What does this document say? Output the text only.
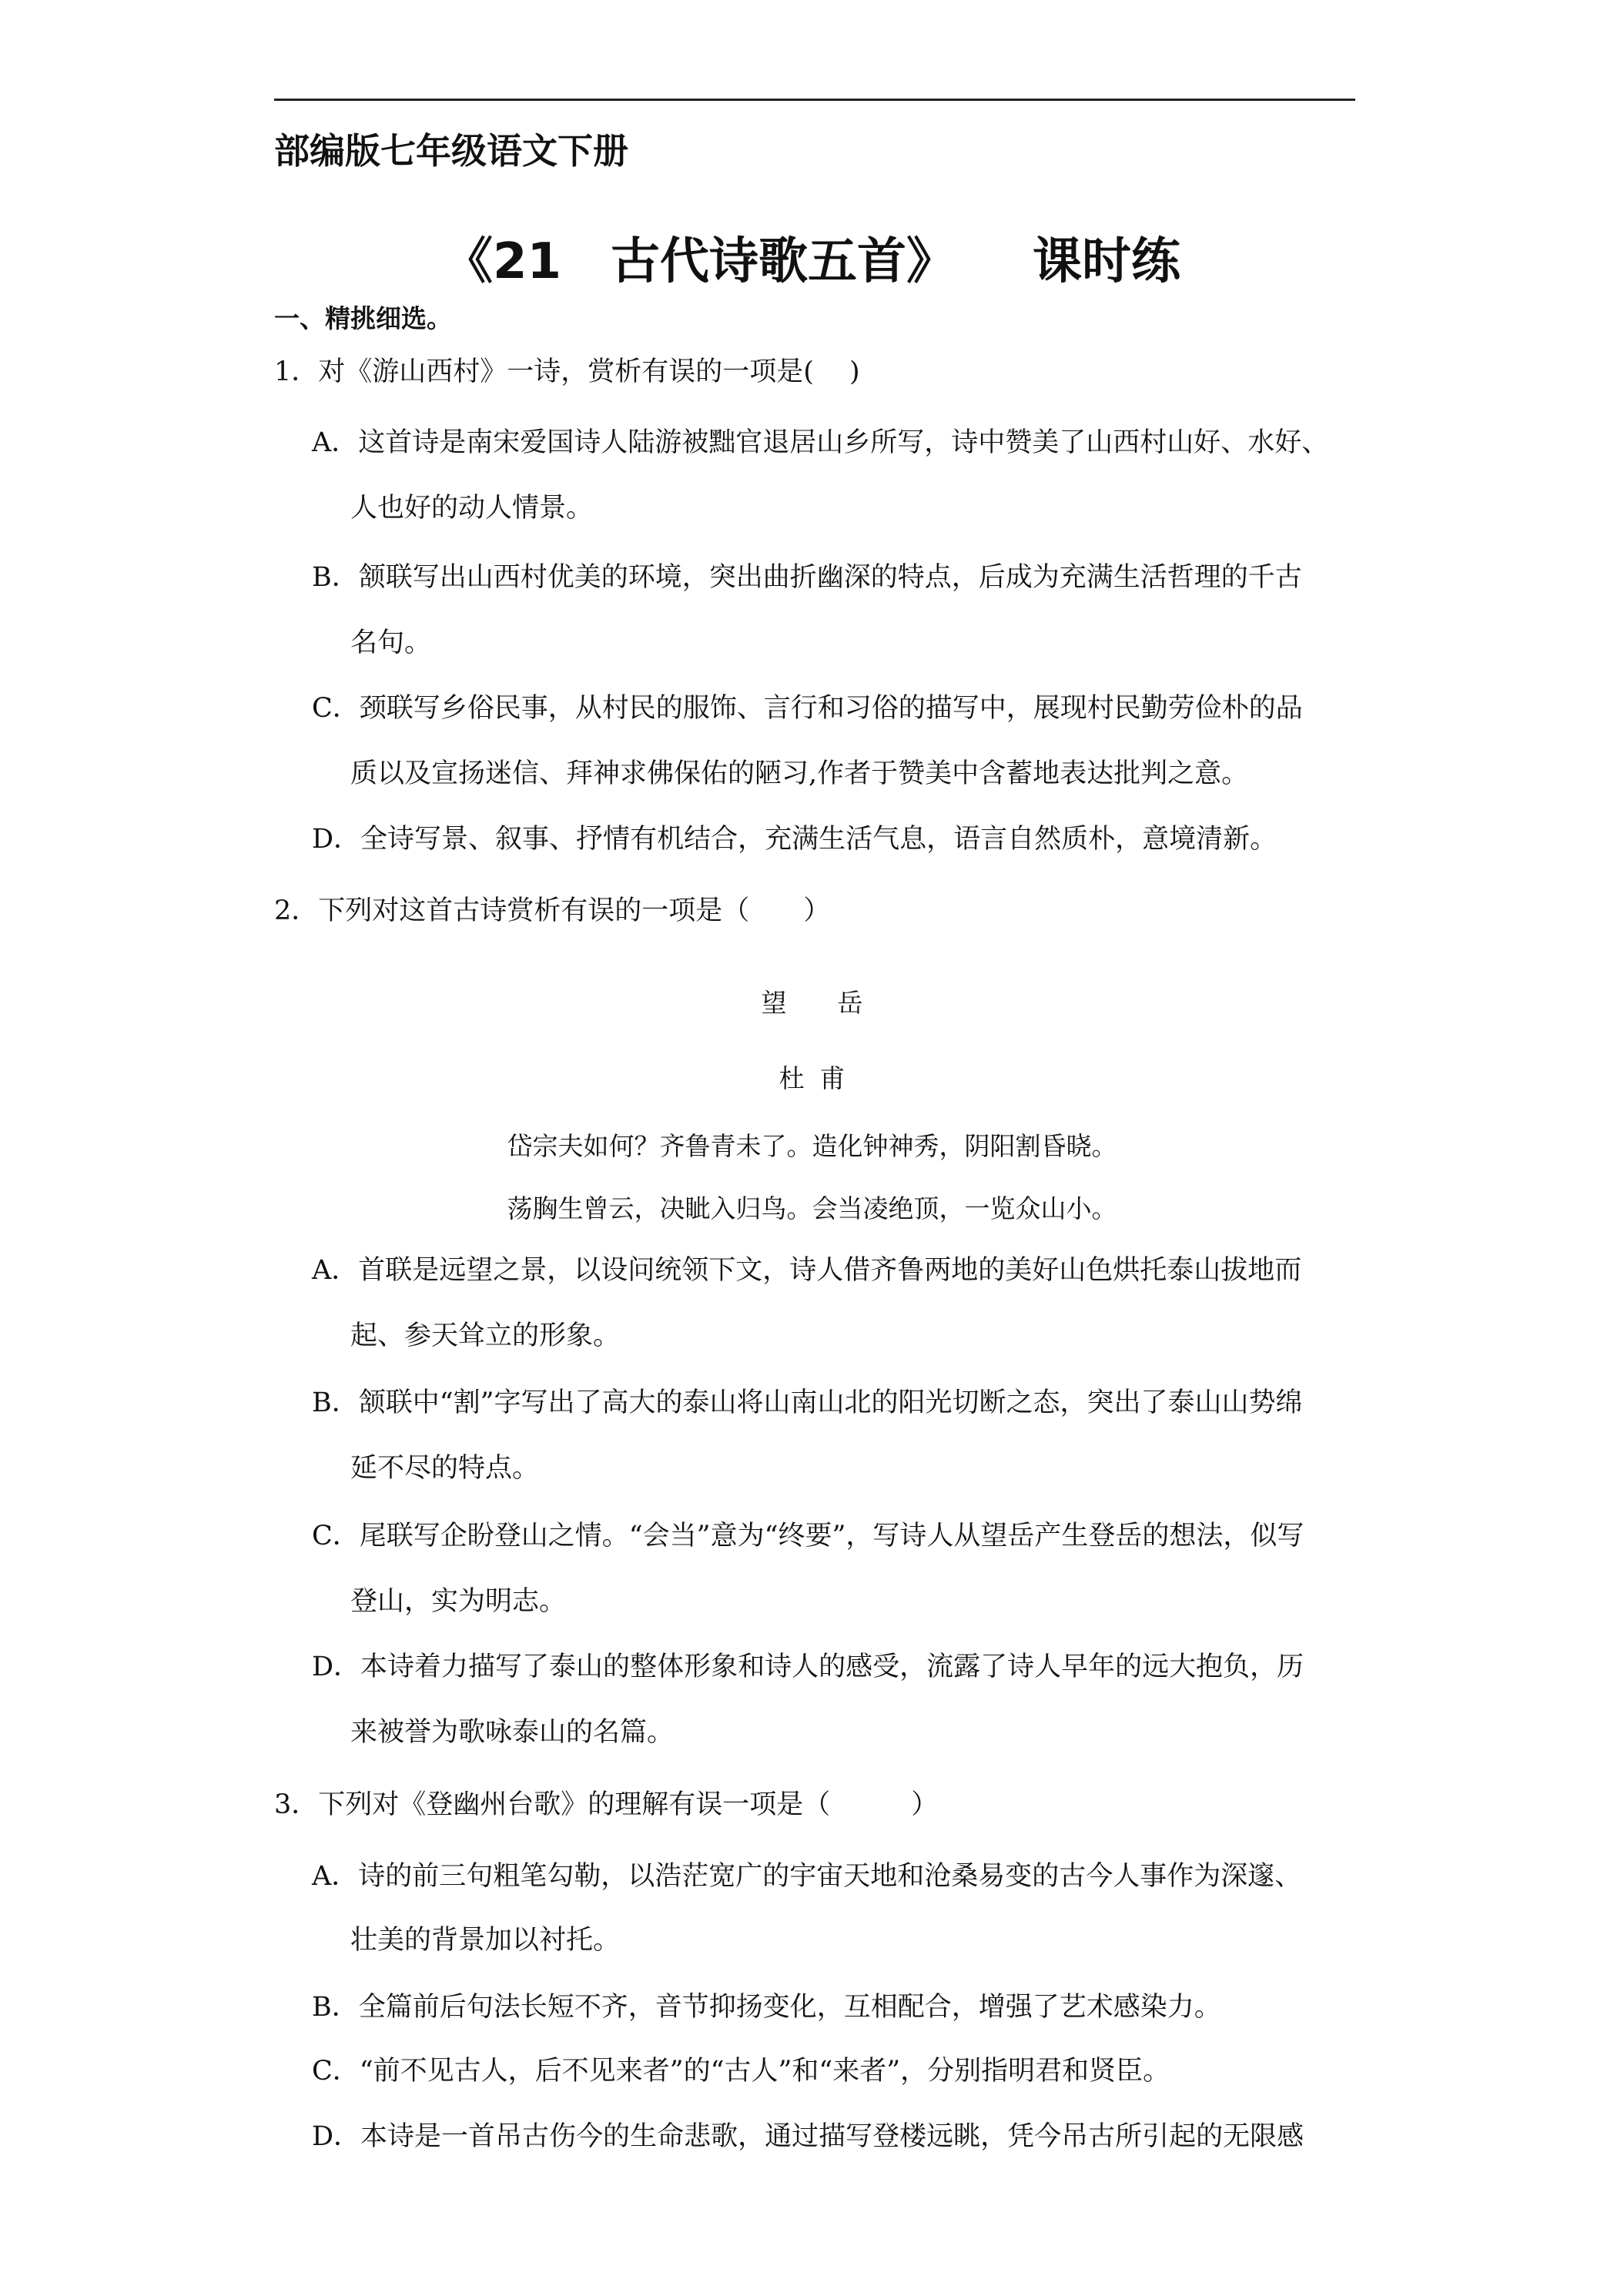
部编版七年级语文下册
《21　古代诗歌五首》 课时练
一、精挑细选。
1．对《游山西村》一诗，赏析有误的一项是(　 )
A．这首诗是南宋爱国诗人陆游被黜官退居山乡所写，诗中赞美了山西村山好、水好、
人也好的动人情景。
B．颔联写出山西村优美的环境，突出曲折幽深的特点，后成为充满生活哲理的千古
名句。
C．颈联写乡俗民事，从村民的服饰、言行和习俗的描写中，展现村民勤劳俭朴的品
质以及宣扬迷信、拜神求佛保佑的陋习,作者于赞美中含蓄地表达批判之意。
D．全诗写景、叙事、抒情有机结合，充满生活气息，语言自然质朴，意境清新。
2．下列对这首古诗赏析有误的一项是（　　）
望　　岳
杜 甫
岱宗夫如何？齐鲁青未了。造化钟神秀，阴阳割昏晓。
荡胸生曾云，决眦入归鸟。会当凌绝顶，一览众山小。
A．首联是远望之景，以设问统领下文，诗人借齐鲁两地的美好山色烘托泰山拔地而
起、参天耸立的形象。
B．颔联中“割”字写出了高大的泰山将山南山北的阳光切断之态，突出了泰山山势绵
延不尽的特点。
C．尾联写企盼登山之情。“会当”意为“终要”，写诗人从望岳产生登岳的想法，似写
登山，实为明志。
D．本诗着力描写了泰山的整体形象和诗人的感受，流露了诗人早年的远大抱负，历
来被誉为歌咏泰山的名篇。
3．下列对《登幽州台歌》的理解有误一项是（　　　）
A．诗的前三句粗笔勾勒，以浩茫宽广的宇宙天地和沧桑易变的古今人事作为深邃、
壮美的背景加以衬托。
B．全篇前后句法长短不齐，音节抑扬变化，互相配合，增强了艺术感染力。
C．“前不见古人，后不见来者”的“古人”和“来者”，分别指明君和贤臣。
D．本诗是一首吊古伤今的生命悲歌，通过描写登楼远眺，凭今吊古所引起的无限感
